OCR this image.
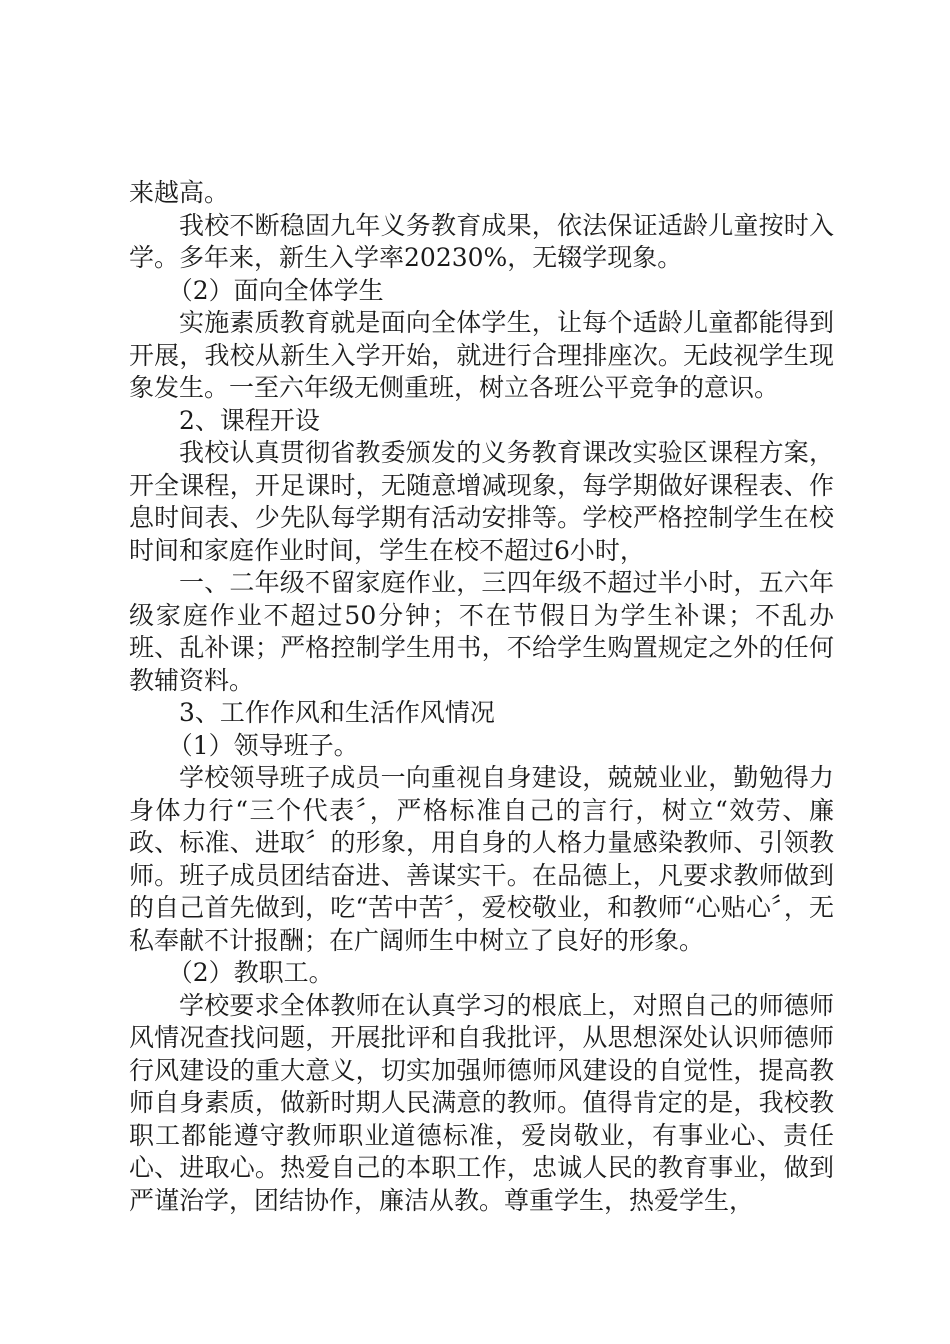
来越高。

我校不断稳固九年义务教育成果，依法保证适龄儿童按时入学。多年来，新生入学率20230%，无辍学现象。

（2）面向全体学生

实施素质教育就是面向全体学生，让每个适龄儿童都能得到开展，我校从新生入学开始，就进行合理排座次。无歧视学生现象发生。一至六年级无侧重班，树立各班公平竞争的意识。

2、课程开设

我校认真贯彻省教委颁发的义务教育课改实验区课程方案，开全课程，开足课时，无随意增减现象，每学期做好课程表、作息时间表、少先队每学期有活动安排等。学校严格控制学生在校时间和家庭作业时间，学生在校不超过6小时，

一、二年级不留家庭作业，三四年级不超过半小时，五六年级家庭作业不超过50分钟；不在节假日为学生补课；不乱办班、乱补课；严格控制学生用书，不给学生购置规定之外的任何教辅资料。

3、工作作风和生活作风情况

（1）领导班子。

学校领导班子成员一向重视自身建设，兢兢业业，勤勉得力身体力行“三个代表〞，严格标准自己的言行，树立“效劳、廉政、标准、进取〞的形象，用自身的人格力量感染教师、引领教师。班子成员团结奋进、善谋实干。在品德上，凡要求教师做到的自己首先做到，吃“苦中苦〞，爱校敬业，和教师“心贴心〞，无私奉献不计报酬；在广阔师生中树立了良好的形象。

（2）教职工。

学校要求全体教师在认真学习的根底上，对照自己的师德师风情况查找问题，开展批评和自我批评，从思想深处认识师德师行风建设的重大意义，切实加强师德师风建设的自觉性，提高教师自身素质，做新时期人民满意的教师。值得肯定的是，我校教职工都能遵守教师职业道德标准，爱岗敬业，有事业心、责任心、进取心。热爱自己的本职工作，忠诚人民的教育事业，做到严谨治学，团结协作，廉洁从教。尊重学生，热爱学生，
